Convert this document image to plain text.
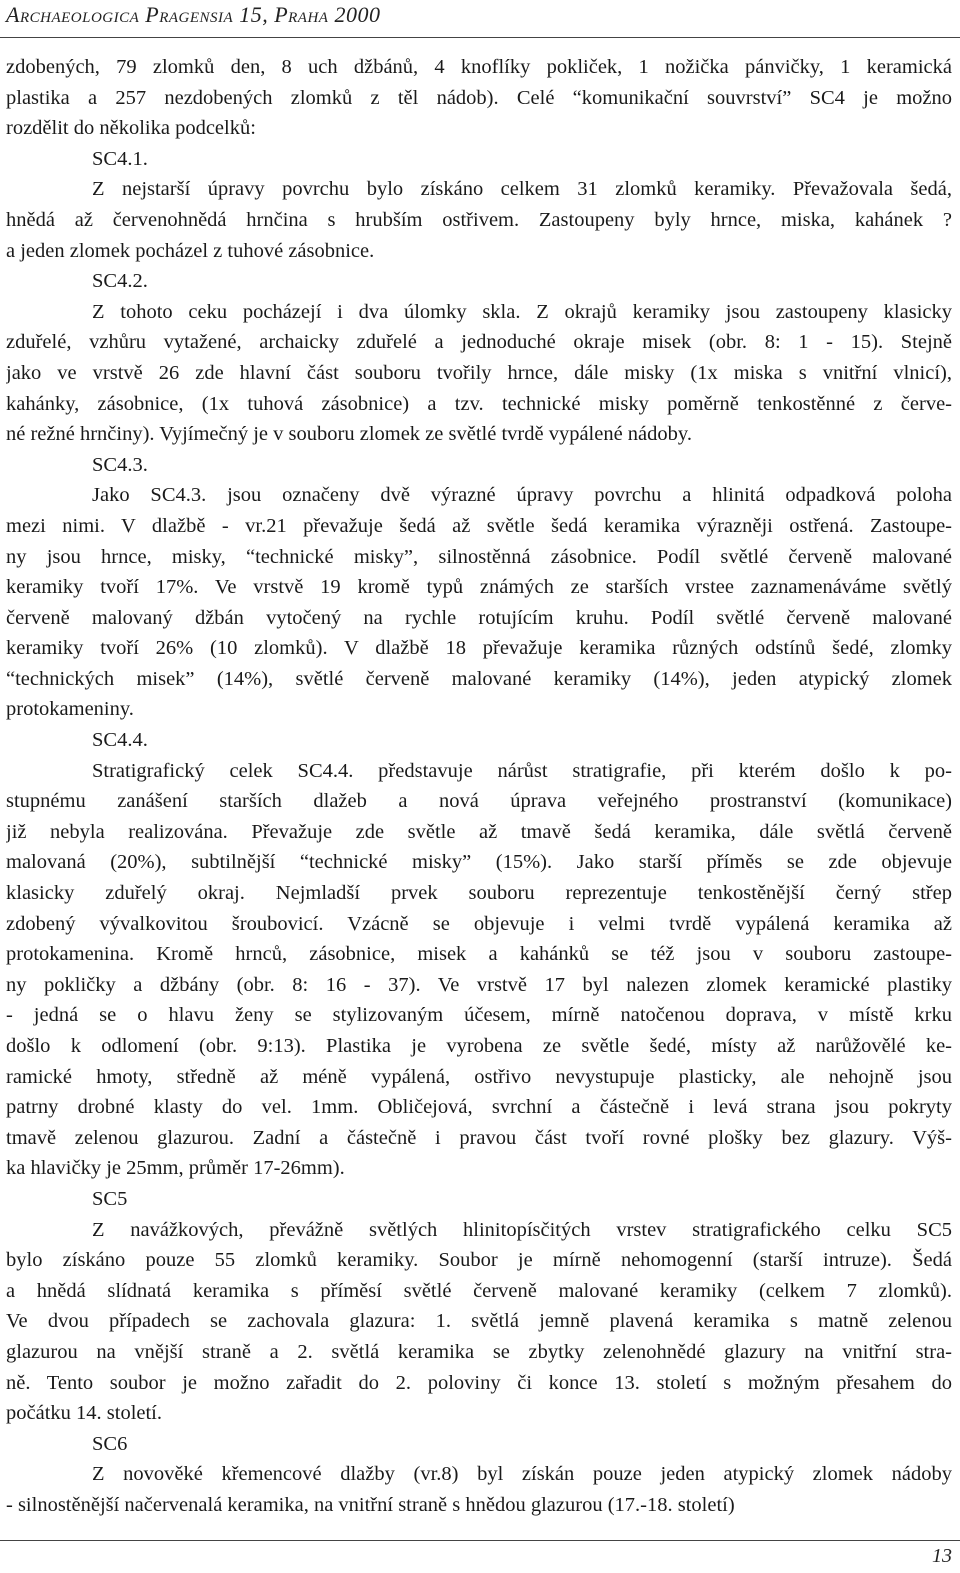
Archaeologica Pragensia 15, Praha 2000
zdobených, 79 zlomků den, 8 uch džbánů, 4 knoflíky pokliček, 1 nožička pánvičky, 1 keramická
plastika a 257 nezdobených zlomků z těl nádob). Celé “komunikační souvrství” SC4 je možno
rozdělit do několika podcelků:
SC4.1.
Z nejstarší úpravy povrchu bylo získáno celkem 31 zlomků keramiky. Převažovala šedá,
hnědá až červenohnědá hrnčina s hrubším ostřivem. Zastoupeny byly hrnce, miska, kahánek ?
a jeden zlomek pocházel z tuhové zásobnice.
SC4.2.
Z tohoto ceku pocházejí i dva úlomky skla. Z okrajů keramiky jsou zastoupeny klasicky
zduřelé, vzhůru vytažené, archaicky zduřelé a jednoduché okraje misek (obr. 8: 1 - 15). Stejně
jako ve vrstvě 26 zde hlavní část souboru tvořily hrnce, dále misky (1x miska s vnitřní vlnicí),
kahánky, zásobnice, (1x tuhová zásobnice) a tzv. technické misky poměrně tenkostěnné z červe-
né režné hrnčiny). Vyjímečný je v souboru zlomek ze světlé tvrdě vypálené nádoby.
SC4.3.
Jako SC4.3. jsou označeny dvě výrazné úpravy povrchu a hlinitá odpadková poloha
mezi nimi. V dlažbě - vr.21 převažuje šedá až světle šedá keramika výrazněji ostřená. Zastoupe-
ny jsou hrnce, misky, “technické misky”, silnostěnná zásobnice. Podíl světlé červeně malované
keramiky tvoří 17%. Ve vrstvě 19 kromě typů známých ze starších vrstee zaznamenáváme světlý
červeně malovaný džbán vytočený na rychle rotujícím kruhu. Podíl světlé červeně malované
keramiky tvoří 26% (10 zlomků). V dlažbě 18 převažuje keramika různých odstínů šedé, zlomky
“technických misek” (14%), světlé červeně malované keramiky (14%), jeden atypický zlomek
protokameniny.
SC4.4.
Stratigrafický celek SC4.4. představuje nárůst stratigrafie, při kterém došlo k po-
stupnému zanášení starších dlažeb a nová úprava veřejného prostranství (komunikace)
již nebyla realizována. Převažuje zde světle až tmavě šedá keramika, dále světlá červeně
malovaná (20%), subtilnější “technické misky” (15%). Jako starší příměs se zde objevuje
klasicky zduřelý okraj. Nejmladší prvek souboru reprezentuje tenkostěnější černý střep
zdobený vývalkovitou šroubovicí. Vzácně se objevuje i velmi tvrdě vypálená keramika až
protokamenina. Kromě hrnců, zásobnice, misek a kahánků se též jsou v souboru zastoupe-
ny pokličky a džbány (obr. 8: 16 - 37). Ve vrstvě 17 byl nalezen zlomek keramické plastiky
- jedná se o hlavu ženy se stylizovaným účesem, mírně natočenou doprava, v místě krku
došlo k odlomení (obr. 9:13). Plastika je vyrobena ze světle šedé, místy až narůžovělé ke-
ramické hmoty, středně až méně vypálená, ostřivo nevystupuje plasticky, ale nehojně jsou
patrny drobné klasty do vel. 1mm. Obličejová, svrchní a částečně i levá strana jsou pokryty
tmavě zelenou glazurou. Zadní a částečně i pravou část tvoří rovné plošky bez glazury. Výš-
ka hlavičky je 25mm, průměr 17-26mm).
SC5
Z navážkových, převážně světlých hlinitopísčitých vrstev stratigrafického celku SC5
bylo získáno pouze 55 zlomků keramiky. Soubor je mírně nehomogenní (starší intruze). Šedá
a hnědá slídnatá keramika s příměsí světlé červeně malované keramiky (celkem 7 zlomků).
Ve dvou případech se zachovala glazura: 1. světlá jemně plavená keramika s matně zelenou
glazurou na vnější straně a 2. světlá keramika se zbytky zelenohnědé glazury na vnitřní stra-
ně. Tento soubor je možno zařadit do 2. poloviny či konce 13. století s možným přesahem do
počátku 14. století.
SC6
Z novověké křemencové dlažby (vr.8) byl získán pouze jeden atypický zlomek nádoby
- silnostěnější načervenalá keramika, na vnitřní straně s hnědou glazurou (17.-18. století)
13
